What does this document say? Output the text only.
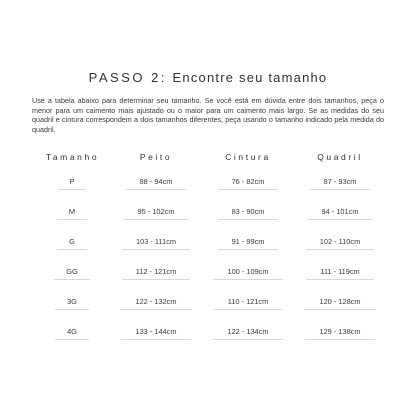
PASSO 2: Encontre seu tamanho
Use a tabela abaixo para determinar seu tamanho. Se você está em dúvida entre dois tamanhos, peça o menor para um caimento mais ajustado ou o maior para um caimento mais largo. Se as medidas do seu quadril e cintura correspondem a dois tamanhos diferentes, peça usando o tamanho indicado pela medida do quadril.
Tamanho	Peito	Cintura	Quadril
P	88 - 94cm	76 - 82cm	87 - 93cm
M	95 - 102cm	83 - 90cm	94 - 101cm
G	103 - 111cm	91 - 99cm	102 - 110cm
GG	112 - 121cm	100 - 109cm	111 - 119cm
3G	122 - 132cm	110 - 121cm	120 - 128cm
4G	133 - 144cm	122 - 134cm	129 - 138cm
